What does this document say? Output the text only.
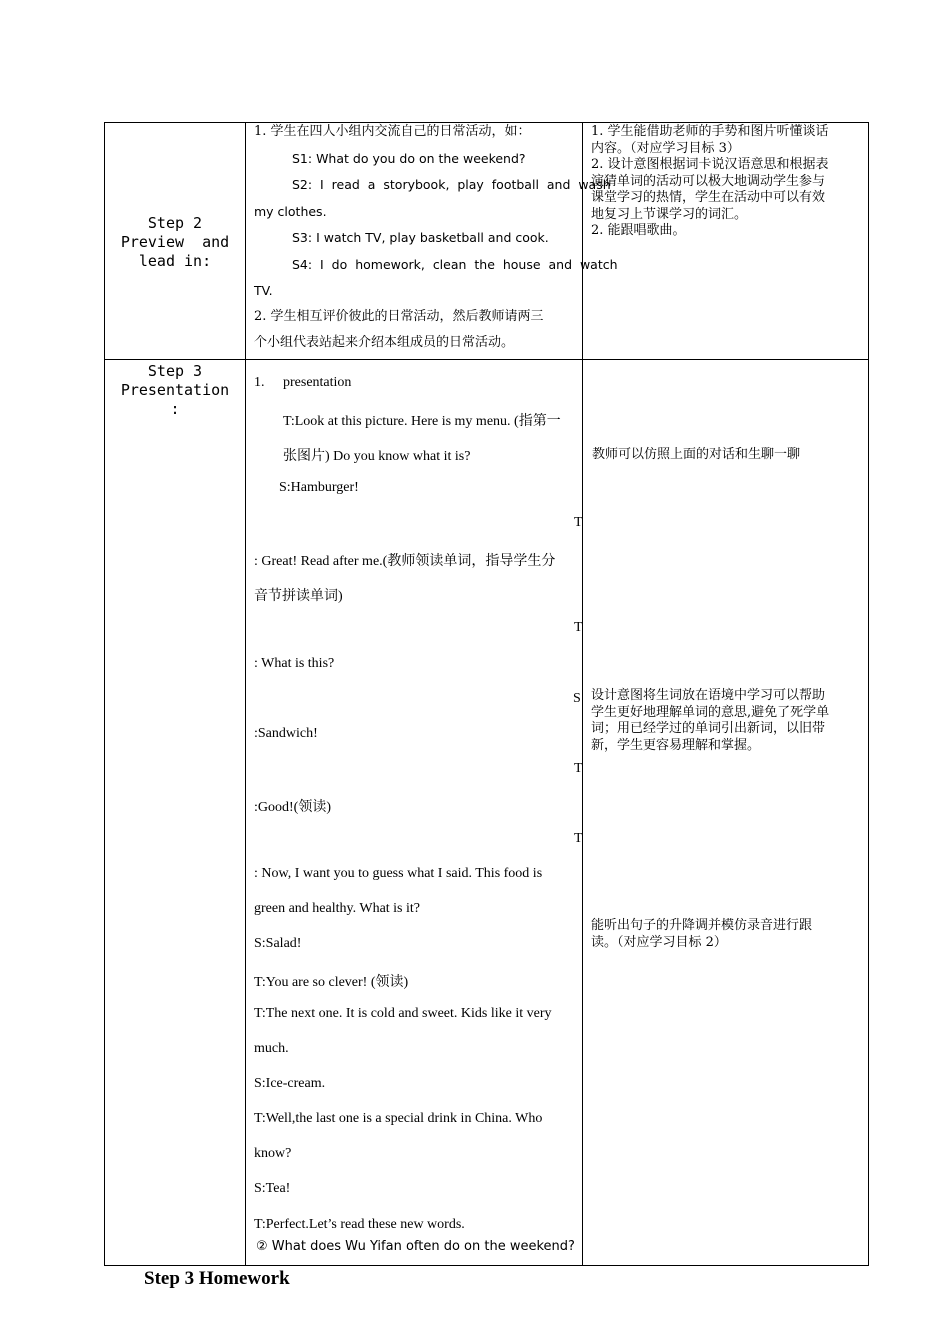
Step 2
Preview  and
lead in:
1. 学生在四人小组内交流自己的日常活动，如：
S1: What do you do on the weekend?
S2:  I  read  a  storybook,  play  football  and  wash
my clothes.
S3: I watch TV, play basketball and cook.
S4:  I  do  homework,  clean  the  house  and  watch
TV.
2. 学生相互评价彼此的日常活动，然后教师请两三
个小组代表站起来介绍本组成员的日常活动。
1. 学生能借助老师的手势和图片听懂谈话
内容。（对应学习目标 3）
2. 设计意图根据词卡说汉语意思和根据表
演猜单词的活动可以极大地调动学生参与
课堂学习的热情，学生在活动中可以有效
地复习上节课学习的词汇。
2. 能跟唱歌曲。
Step 3
Presentation
:
1. presentation
T:Look at this picture. Here is my menu. (指第一
张图片) Do you know what it is?
S:Hamburger!
T
: Great! Read after me.(教师领读单词，指导学生分
音节拼读单词)
T
: What is this?
S
:Sandwich!
T
:Good!(领读)
T
: Now, I want you to guess what I said. This food is
green and healthy. What is it?
S:Salad!
T:You are so clever! (领读)
T:The next one. It is cold and sweet. Kids like it very
much.
S:Ice-cream.
T:Well,the last one is a special drink in China. Who
know?
S:Tea!
T:Perfect.Let’s read these new words.
② What does Wu Yifan often do on the weekend?
教师可以仿照上面的对话和生聊一聊
设计意图将生词放在语境中学习可以帮助
学生更好地理解单词的意思,避免了死学单
词；用已经学过的单词引出新词，以旧带
新，学生更容易理解和掌握。
能听出句子的升降调并模仿录音进行跟
读。（对应学习目标 2）
Step 3 Homework
